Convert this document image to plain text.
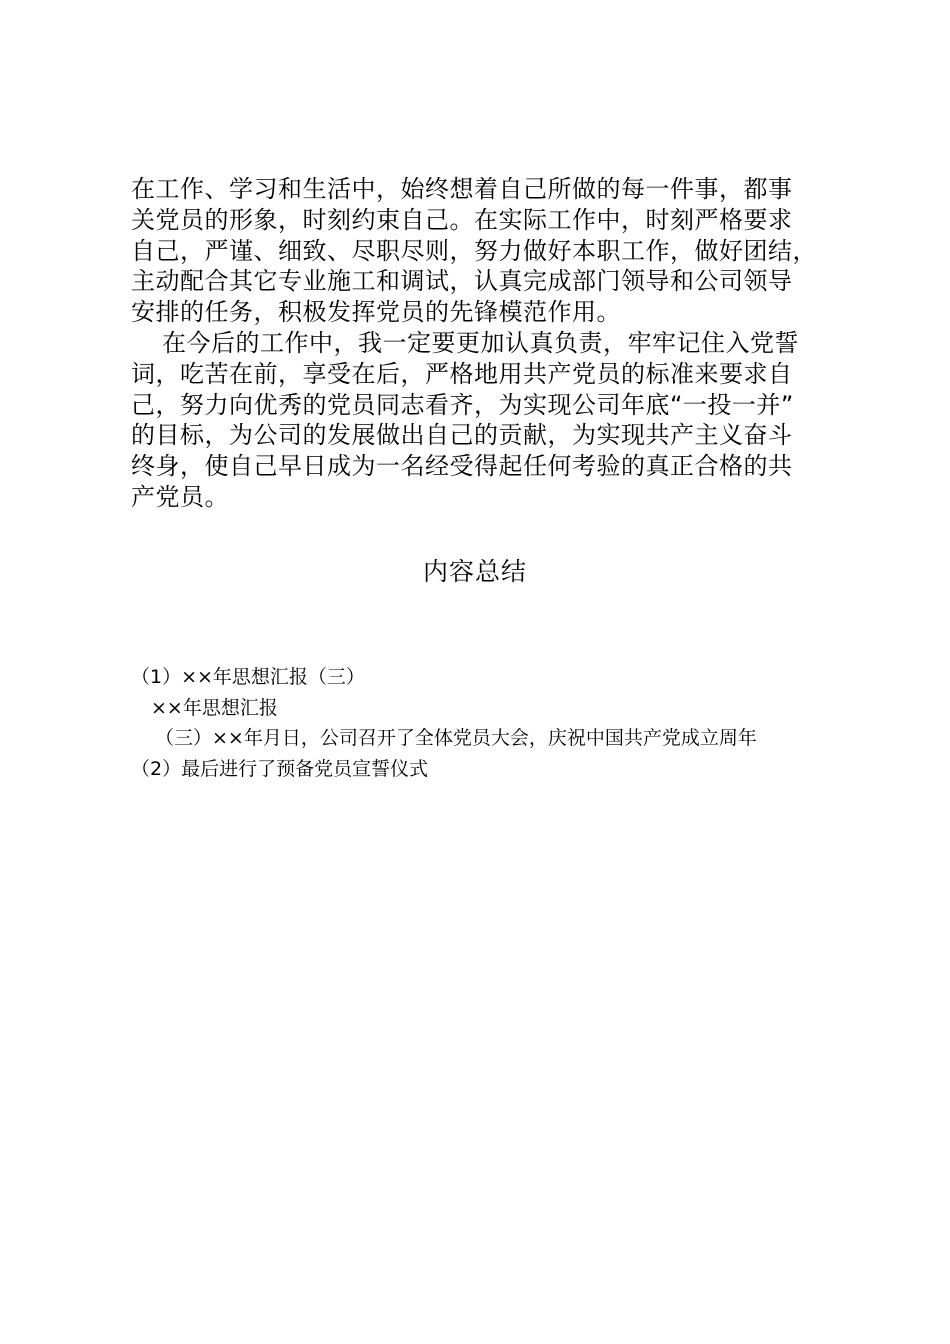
在工作、学习和生活中，始终想着自己所做的每一件事，都事
关党员的形象，时刻约束自己。在实际工作中，时刻严格要求
自己，严谨、细致、尽职尽则，努力做好本职工作，做好团结，
主动配合其它专业施工和调试，认真完成部门领导和公司领导
安排的任务，积极发挥党员的先锋模范作用。

在今后的工作中，我一定要更加认真负责，牢牢记住入党誓
词，吃苦在前，享受在后，严格地用共产党员的标准来要求自
己，努力向优秀的党员同志看齐，为实现公司年底“一投一并”
的目标，为公司的发展做出自己的贡献，为实现共产主义奋斗
终身，使自己早日成为一名经受得起任何考验的真正合格的共
产党员。

内容总结
（1）××年思想汇报（三）
××年思想汇报
（三）××年月日，公司召开了全体党员大会，庆祝中国共产党成立周年
（2）最后进行了预备党员宣誓仪式
